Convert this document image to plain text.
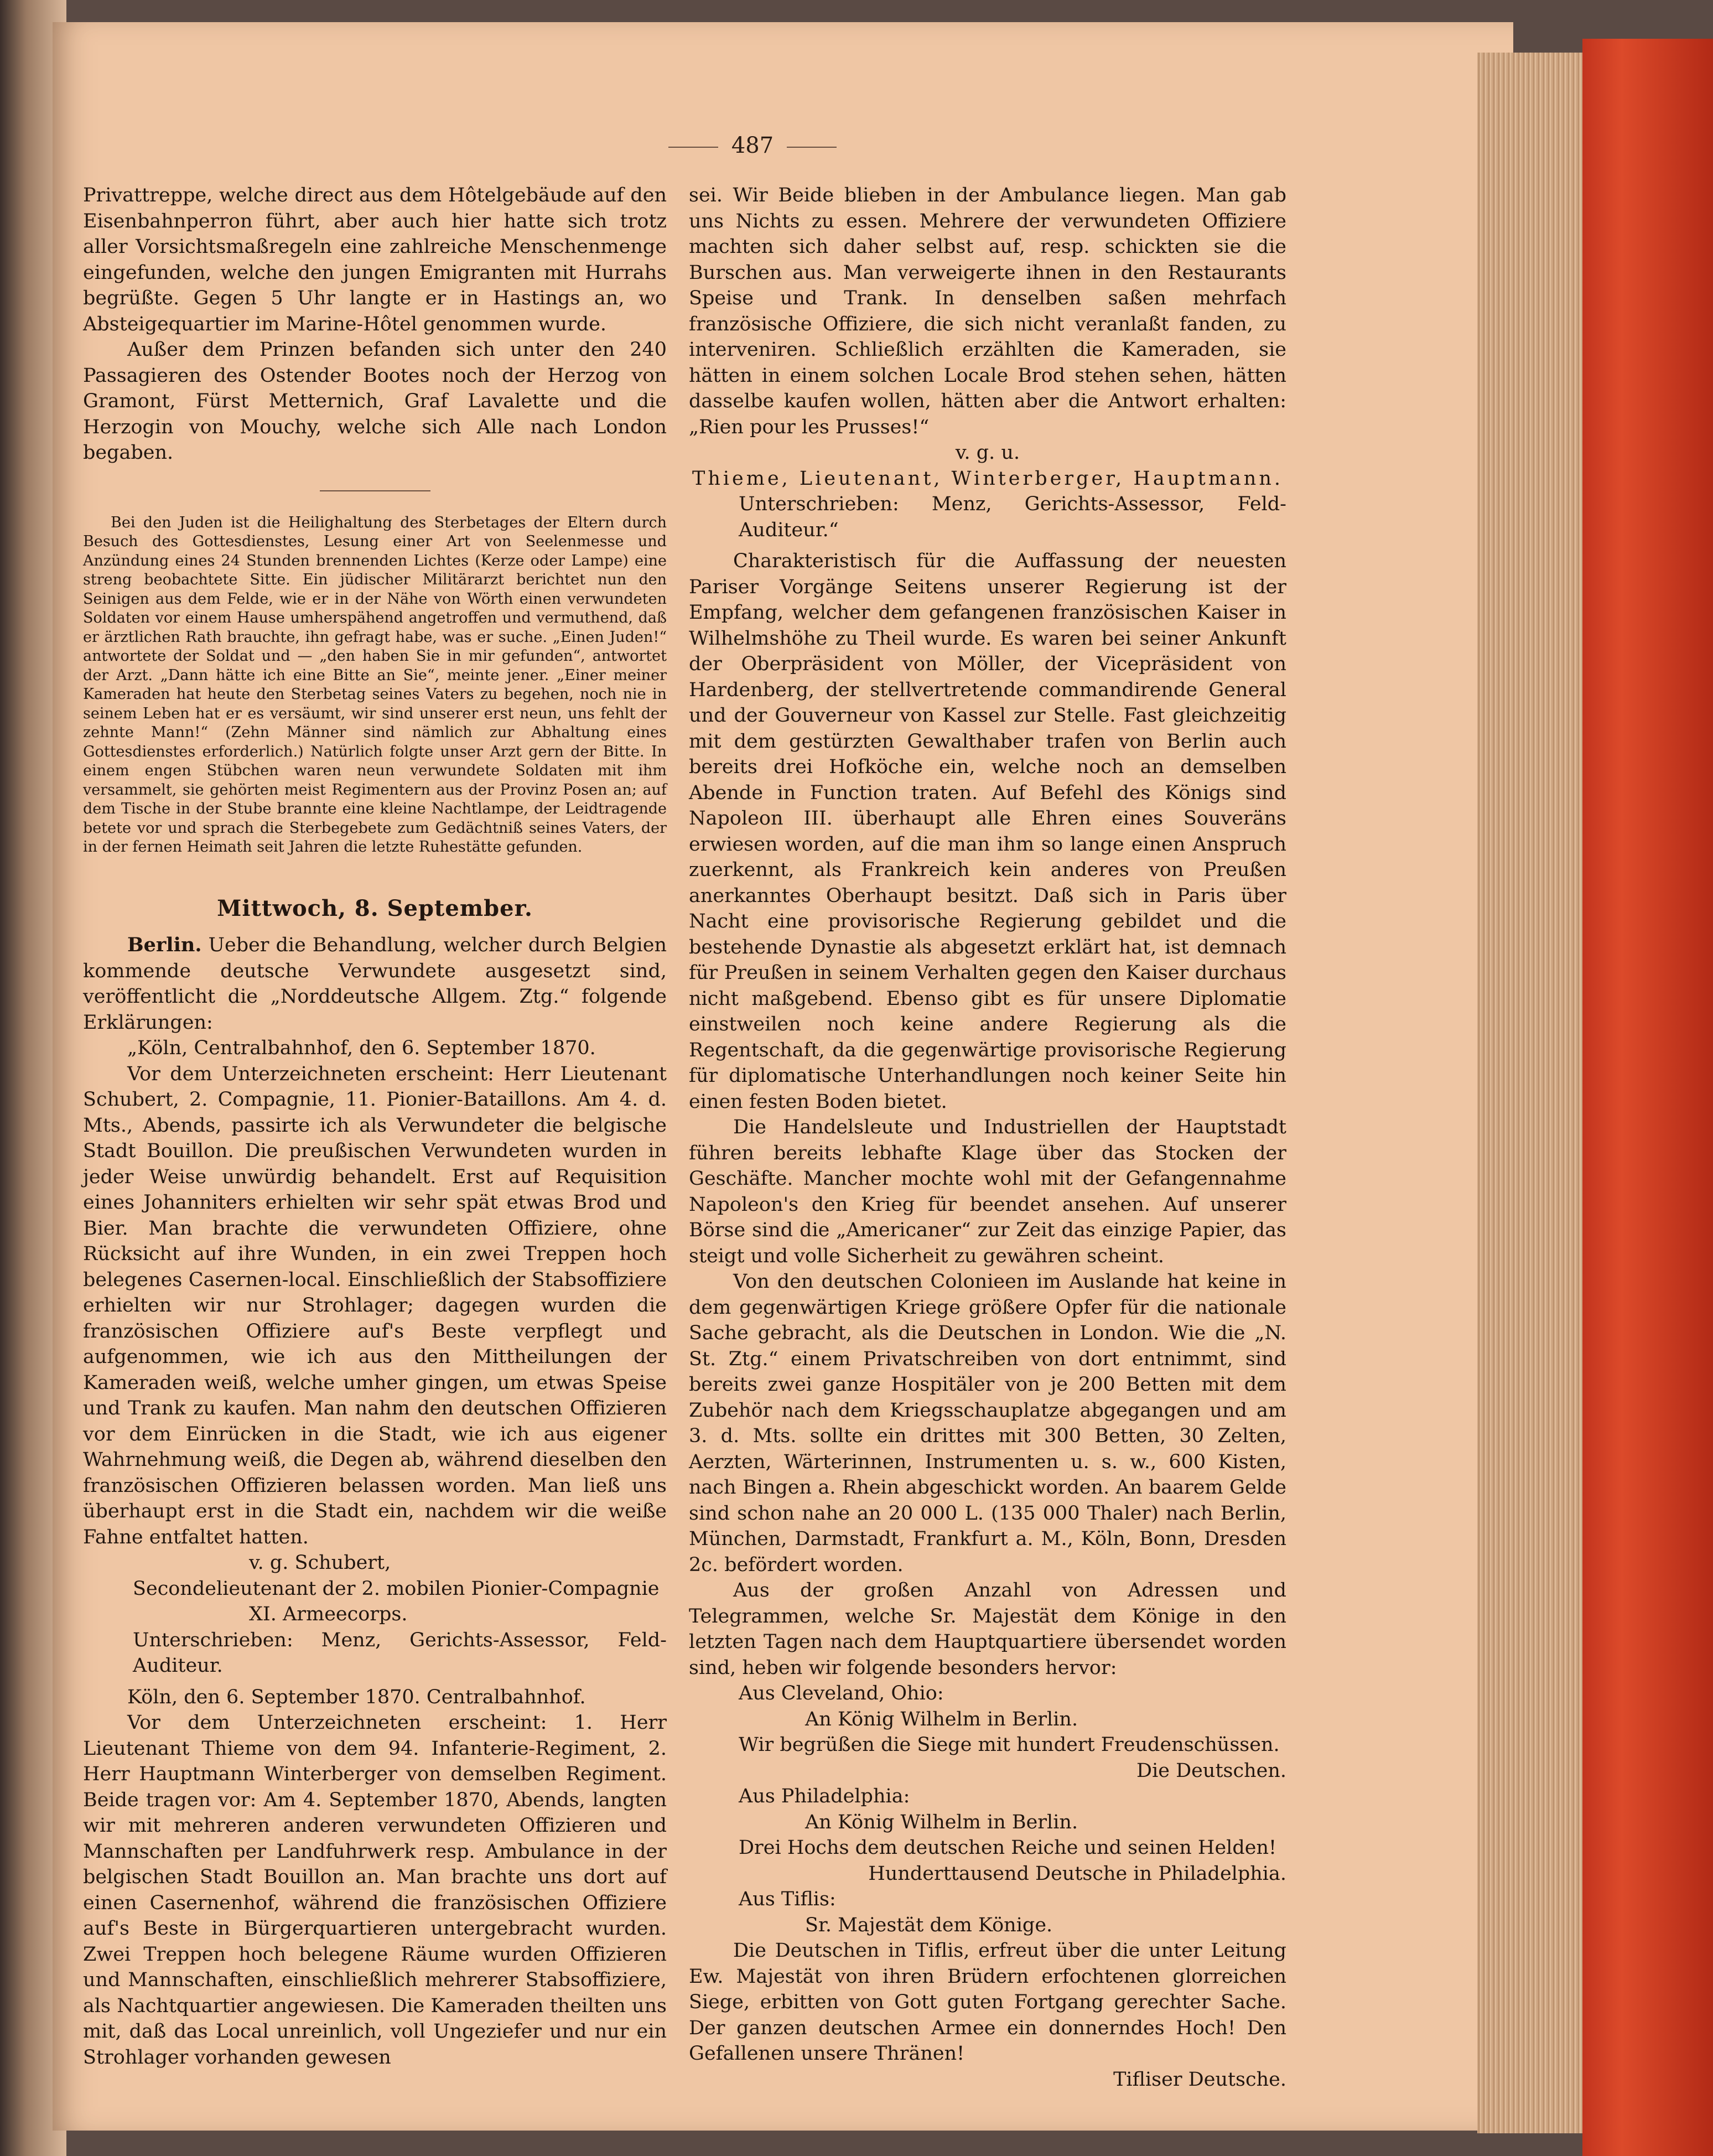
487

Privattreppe, welche direct aus dem Hôtelgebäude auf den Eisenbahnperron führt, aber auch hier hatte sich trotz aller Vorsichtsmaßregeln eine zahlreiche Menschenmenge eingefunden, welche den jungen Emigranten mit Hurrahs begrüßte. Gegen 5 Uhr langte er in Hastings an, wo Absteigequartier im Marine-Hôtel genommen wurde.

Außer dem Prinzen befanden sich unter den 240 Passagieren des Ostender Bootes noch der Herzog von Gramont, Fürst Metternich, Graf Lavalette und die Herzogin von Mouchy, welche sich Alle nach London begaben.

Bei den Juden ist die Heilighaltung des Sterbetages der Eltern durch Besuch des Gottesdienstes, Lesung einer Art von Seelenmesse und Anzündung eines 24 Stunden brennenden Lichtes (Kerze oder Lampe) eine streng beobachtete Sitte. Ein jüdischer Militärarzt berichtet nun den Seinigen aus dem Felde, wie er in der Nähe von Wörth einen verwundeten Soldaten vor einem Hause umherspähend angetroffen und vermuthend, daß er ärztlichen Rath brauchte, ihn gefragt habe, was er suche. „Einen Juden!“ antwortete der Soldat und — „den haben Sie in mir gefunden“, antwortet der Arzt. „Dann hätte ich eine Bitte an Sie“, meinte jener. „Einer meiner Kameraden hat heute den Sterbetag seines Vaters zu begehen, noch nie in seinem Leben hat er es versäumt, wir sind unserer erst neun, uns fehlt der zehnte Mann!“ (Zehn Männer sind nämlich zur Abhaltung eines Gottesdienstes erforderlich.) Natürlich folgte unser Arzt gern der Bitte. In einem engen Stübchen waren neun verwundete Soldaten mit ihm versammelt, sie gehörten meist Regimentern aus der Provinz Posen an; auf dem Tische in der Stube brannte eine kleine Nachtlampe, der Leidtragende betete vor und sprach die Sterbegebete zum Gedächtniß seines Vaters, der in der fernen Heimath seit Jahren die letzte Ruhestätte gefunden.

Mittwoch, 8. September.

Berlin. Ueber die Behandlung, welcher durch Belgien kommende deutsche Verwundete ausgesetzt sind, veröffentlicht die „Norddeutsche Allgem. Ztg.“ folgende Erklärungen:

„Köln, Centralbahnhof, den 6. September 1870.

Vor dem Unterzeichneten erscheint: Herr Lieutenant Schubert, 2. Compagnie, 11. Pionier-Bataillons. Am 4. d. Mts., Abends, passirte ich als Verwundeter die belgische Stadt Bouillon. Die preußischen Verwundeten wurden in jeder Weise unwürdig behandelt. Erst auf Requisition eines Johanniters erhielten wir sehr spät etwas Brod und Bier. Man brachte die verwundeten Offiziere, ohne Rücksicht auf ihre Wunden, in ein zwei Treppen hoch belegenes Casernen-local. Einschließlich der Stabsoffiziere erhielten wir nur Strohlager; dagegen wurden die französischen Offiziere auf's Beste verpflegt und aufgenommen, wie ich aus den Mittheilungen der Kameraden weiß, welche umher gingen, um etwas Speise und Trank zu kaufen. Man nahm den deutschen Offizieren vor dem Einrücken in die Stadt, wie ich aus eigener Wahrnehmung weiß, die Degen ab, während dieselben den französischen Offizieren belassen worden. Man ließ uns überhaupt erst in die Stadt ein, nachdem wir die weiße Fahne entfaltet hatten.

v. g. Schubert,
Secondelieutenant der 2. mobilen Pionier-Compagnie
XI. Armeecorps.
Unterschrieben: Menz, Gerichts-Assessor, Feld-Auditeur.

Köln, den 6. September 1870. Centralbahnhof.

Vor dem Unterzeichneten erscheint: 1. Herr Lieutenant Thieme von dem 94. Infanterie-Regiment, 2. Herr Hauptmann Winterberger von demselben Regiment. Beide tragen vor: Am 4. September 1870, Abends, langten wir mit mehreren anderen verwundeten Offizieren und Mannschaften per Landfuhrwerk resp. Ambulance in der belgischen Stadt Bouillon an. Man brachte uns dort auf einen Casernenhof, während die französischen Offiziere auf's Beste in Bürgerquartieren untergebracht wurden. Zwei Treppen hoch belegene Räume wurden Offizieren und Mannschaften, einschließlich mehrerer Stabsoffiziere, als Nachtquartier angewiesen. Die Kameraden theilten uns mit, daß das Local unreinlich, voll Ungeziefer und nur ein Strohlager vorhanden gewesen

sei. Wir Beide blieben in der Ambulance liegen. Man gab uns Nichts zu essen. Mehrere der verwundeten Offiziere machten sich daher selbst auf, resp. schickten sie die Burschen aus. Man verweigerte ihnen in den Restaurants Speise und Trank. In denselben saßen mehrfach französische Offiziere, die sich nicht veranlaßt fanden, zu interveniren. Schließlich erzählten die Kameraden, sie hätten in einem solchen Locale Brod stehen sehen, hätten dasselbe kaufen wollen, hätten aber die Antwort erhalten: „Rien pour les Prusses!“

v. g. u.
Thieme, Lieutenant, Winterberger, Hauptmann.
Unterschrieben: Menz, Gerichts-Assessor, Feld-Auditeur.“

Charakteristisch für die Auffassung der neuesten Pariser Vorgänge Seitens unserer Regierung ist der Empfang, welcher dem gefangenen französischen Kaiser in Wilhelmshöhe zu Theil wurde. Es waren bei seiner Ankunft der Oberpräsident von Möller, der Vicepräsident von Hardenberg, der stellvertretende commandirende General und der Gouverneur von Kassel zur Stelle. Fast gleichzeitig mit dem gestürzten Gewalthaber trafen von Berlin auch bereits drei Hofköche ein, welche noch an demselben Abende in Function traten. Auf Befehl des Königs sind Napoleon III. überhaupt alle Ehren eines Souveräns erwiesen worden, auf die man ihm so lange einen Anspruch zuerkennt, als Frankreich kein anderes von Preußen anerkanntes Oberhaupt besitzt. Daß sich in Paris über Nacht eine provisorische Regierung gebildet und die bestehende Dynastie als abgesetzt erklärt hat, ist demnach für Preußen in seinem Verhalten gegen den Kaiser durchaus nicht maßgebend. Ebenso gibt es für unsere Diplomatie einstweilen noch keine andere Regierung als die Regentschaft, da die gegenwärtige provisorische Regierung für diplomatische Unterhandlungen noch keiner Seite hin einen festen Boden bietet.

Die Handelsleute und Industriellen der Hauptstadt führen bereits lebhafte Klage über das Stocken der Geschäfte. Mancher mochte wohl mit der Gefangennahme Napoleon's den Krieg für beendet ansehen. Auf unserer Börse sind die „Americaner“ zur Zeit das einzige Papier, das steigt und volle Sicherheit zu gewähren scheint.

Von den deutschen Colonieen im Auslande hat keine in dem gegenwärtigen Kriege größere Opfer für die nationale Sache gebracht, als die Deutschen in London. Wie die „N. St. Ztg.“ einem Privatschreiben von dort entnimmt, sind bereits zwei ganze Hospitäler von je 200 Betten mit dem Zubehör nach dem Kriegsschauplatze abgegangen und am 3. d. Mts. sollte ein drittes mit 300 Betten, 30 Zelten, Aerzten, Wärterinnen, Instrumenten u. s. w., 600 Kisten, nach Bingen a. Rhein abgeschickt worden. An baarem Gelde sind schon nahe an 20 000 L. (135 000 Thaler) nach Berlin, München, Darmstadt, Frankfurt a. M., Köln, Bonn, Dresden 2c. befördert worden.

Aus der großen Anzahl von Adressen und Telegrammen, welche Sr. Majestät dem Könige in den letzten Tagen nach dem Hauptquartiere übersendet worden sind, heben wir folgende besonders hervor:

Aus Cleveland, Ohio:
An König Wilhelm in Berlin.
Wir begrüßen die Siege mit hundert Freudenschüssen.
Die Deutschen.
Aus Philadelphia:
An König Wilhelm in Berlin.
Drei Hochs dem deutschen Reiche und seinen Helden!
Hunderttausend Deutsche in Philadelphia.
Aus Tiflis:
Sr. Majestät dem Könige.

Die Deutschen in Tiflis, erfreut über die unter Leitung Ew. Majestät von ihren Brüdern erfochtenen glorreichen Siege, erbitten von Gott guten Fortgang gerechter Sache. Der ganzen deutschen Armee ein donnerndes Hoch! Den Gefallenen unsere Thränen!

Tifliser Deutsche.
